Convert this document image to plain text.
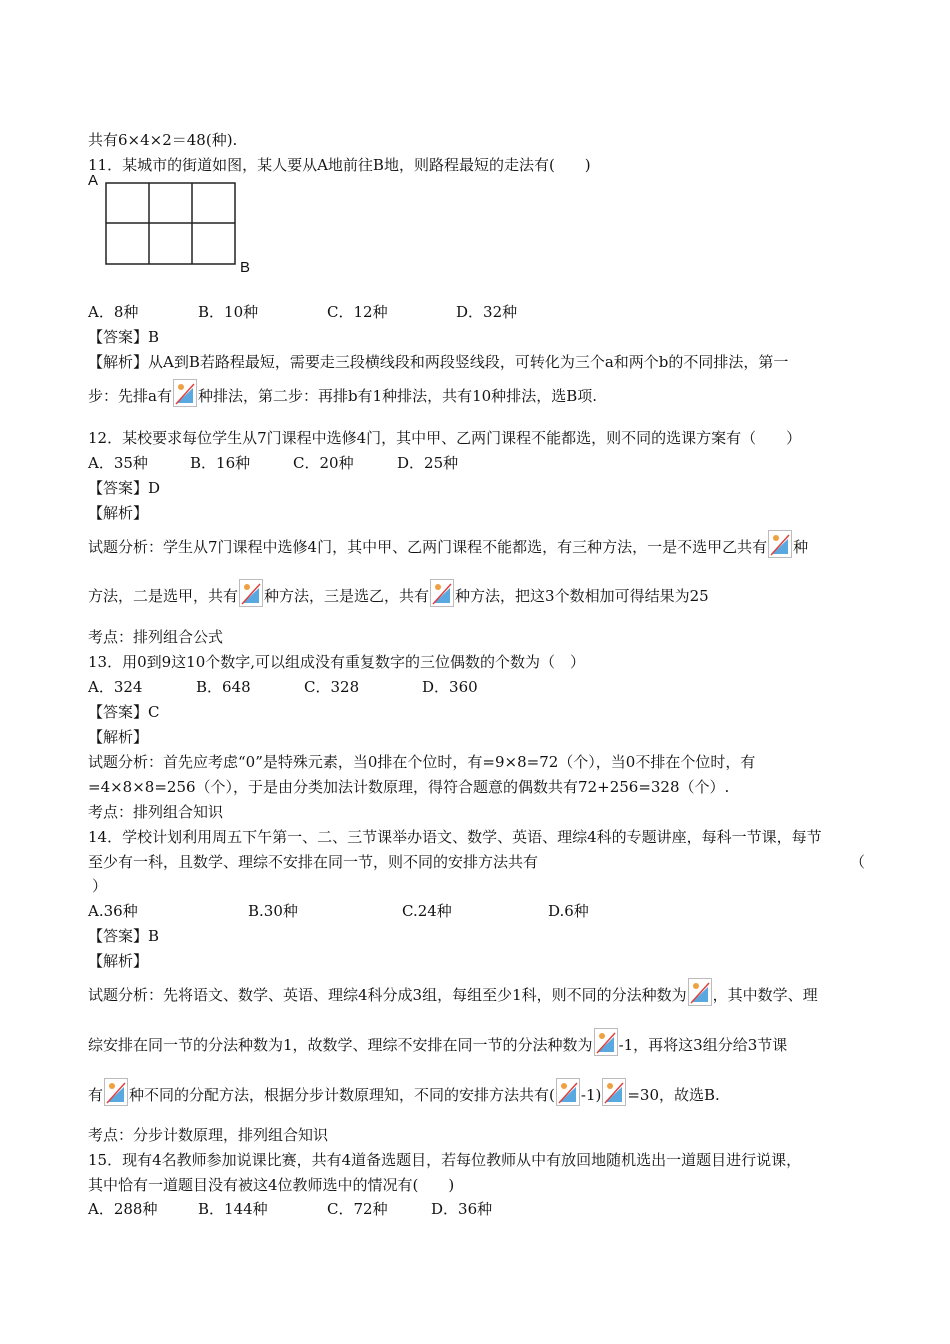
共有6×4×2＝48(种).
11．某城市的街道如图，某人要从A地前往B地，则路程最短的走法有(　　)
A
B
A．8种	B．10种	C．12种	D．32种
【答案】B
【解析】从A到B若路程最短，需要走三段横线段和两段竖线段，可转化为三个a和两个b的不同排法，第一
步：先排a有 种排法，第二步：再排b有1种排法，共有10种排法，选B项.
12．某校要求每位学生从7门课程中选修4门，其中甲、乙两门课程不能都选，则不同的选课方案有（　　）
A．35种	B．16种	C．20种	D．25种
【答案】D
【解析】
试题分析：学生从7门课程中选修4门，其中甲、乙两门课程不能都选，有三种方法，一是不选甲乙共有 种
方法，二是选甲，共有 种方法，三是选乙，共有 种方法，把这3个数相加可得结果为25
考点：排列组合公式
13．用0到9这10个数字,可以组成没有重复数字的三位偶数的个数为（　）
A．324	B．648	C．328	D．360
【答案】C
【解析】
试题分析：首先应考虑“0”是特殊元素，当0排在个位时，有=9×8=72（个），当0不排在个位时，有
=4×8×8=256（个），于是由分类加法计数原理，得符合题意的偶数共有72+256=328（个）.
考点：排列组合知识
14．学校计划利用周五下午第一、二、三节课举办语文、数学、英语、理综4科的专题讲座，每科一节课，每节
至少有一科，且数学、理综不安排在同一节，则不同的安排方法共有	（
）
A.36种	B.30种	C.24种	D.6种
【答案】B
【解析】
试题分析：先将语文、数学、英语、理综4科分成3组，每组至少1科，则不同的分法种数为 ，其中数学、理
综安排在同一节的分法种数为1，故数学、理综不安排在同一节的分法种数为 -1，再将这3组分给3节课
有 种不同的分配方法，根据分步计数原理知，不同的安排方法共有( -1) =30，故选B.
考点：分步计数原理，排列组合知识
15．现有4名教师参加说课比赛，共有4道备选题目，若每位教师从中有放回地随机选出一道题目进行说课，
其中恰有一道题目没有被这4位教师选中的情况有(　　)
A．288种	B．144种	C．72种	D．36种
